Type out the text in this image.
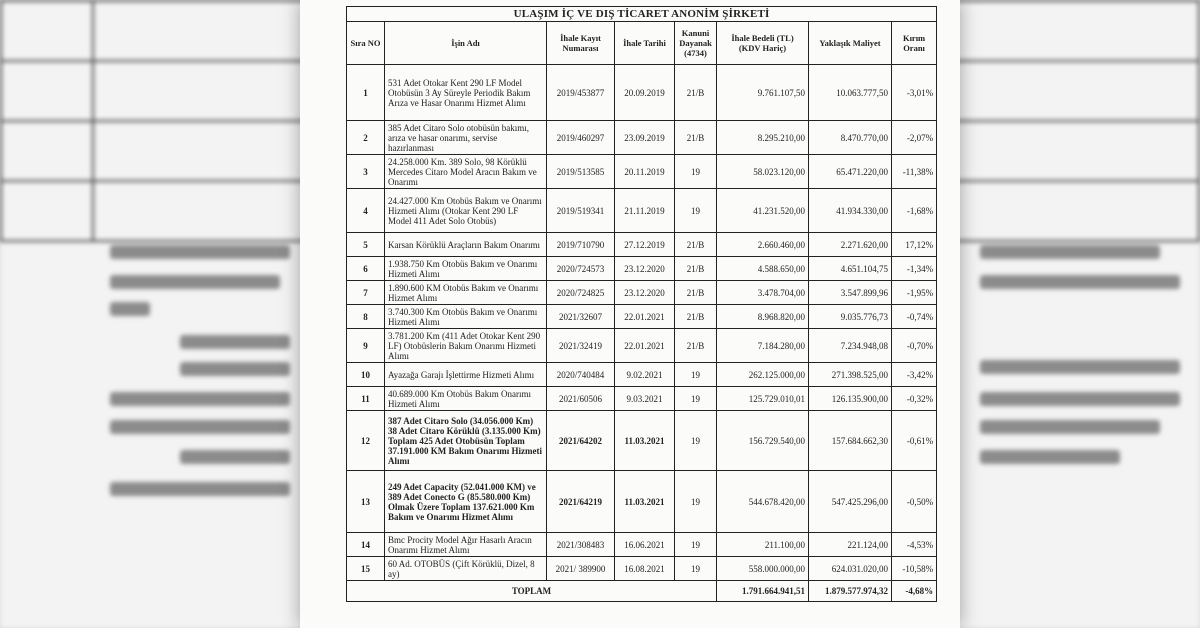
ULAŞIM İÇ VE DIŞ TİCARET ANONİM ŞİRKETİ							
Sıra NO	İşin Adı	İhale Kayıt Numarası	İhale Tarihi	Kanuni Dayanak (4734)	İhale Bedeli (TL) (KDV Hariç)	Yaklaşık Maliyet	Kırım Oranı
1	531 Adet Otokar Kent 290 LF Model Otobüsün 3 Ay Süreyle Periodik Bakım Arıza ve Hasar Onarımı Hizmet Alımı	2019/453877	20.09.2019	21/B	9.761.107,50	10.063.777,50	-3,01%
2	385 Adet Citaro Solo otobüsün bakımı, arıza ve hasar onarımı, servise hazırlanması	2019/460297	23.09.2019	21/B	8.295.210,00	8.470.770,00	-2,07%
3	24.258.000 Km. 389 Solo, 98 Körüklü Mercedes Citaro Model Aracın Bakım ve Onarımı	2019/513585	20.11.2019	19	58.023.120,00	65.471.220,00	-11,38%
4	24.427.000 Km Otobüs Bakım ve Onarımı Hizmeti Alımı (Otokar Kent 290 LF Model 411 Adet Solo Otobüs)	2019/519341	21.11.2019	19	41.231.520,00	41.934.330,00	-1,68%
5	Karsan Körüklü Araçların Bakım Onarımı	2019/710790	27.12.2019	21/B	2.660.460,00	2.271.620,00	17,12%
6	1.938.750 Km Otobüs Bakım ve Onarımı Hizmeti Alımı	2020/724573	23.12.2020	21/B	4.588.650,00	4.651.104,75	-1,34%
7	1.890.600 KM Otobüs Bakım ve Onarımı Hizmet Alımı	2020/724825	23.12.2020	21/B	3.478.704,00	3.547.899,96	-1,95%
8	3.740.300 Km Otobüs Bakım ve Onarımı Hizmeti Alımı	2021/32607	22.01.2021	21/B	8.968.820,00	9.035.776,73	-0,74%
9	3.781.200 Km (411 Adet Otokar Kent 290 LF) Otobüslerin Bakım Onarımı Hizmeti Alımı	2021/32419	22.01.2021	21/B	7.184.280,00	7.234.948,08	-0,70%
10	Ayazağa Garajı İşlettirme Hizmeti Alımı	2020/740484	9.02.2021	19	262.125.000,00	271.398.525,00	-3,42%
11	40.689.000 Km Otobüs Bakım Onarımı Hizmeti Alımı	2021/60506	9.03.2021	19	125.729.010,01	126.135.900,00	-0,32%
12	387 Adet Citaro Solo (34.056.000 Km) 38 Adet Citaro Körüklü (3.135.000 Km) Toplam 425 Adet Otobüsün Toplam 37.191.000 KM Bakım Onarımı Hizmeti Alımı	2021/64202	11.03.2021	19	156.729.540,00	157.684.662,30	-0,61%
13	249 Adet Capacity (52.041.000 KM) ve 389 Adet Conecto G (85.580.000 Km) Olmak Üzere Toplam 137.621.000 Km Bakım ve Onarımı Hizmet Alımı	2021/64219	11.03.2021	19	544.678.420,00	547.425.296,00	-0,50%
14	Bmc Procity Model Ağır Hasarlı Aracın Onarımı Hizmet Alımı	2021/308483	16.06.2021	19	211.100,00	221.124,00	-4,53%
15	60 Ad. OTOBÜS (Çift Körüklü, Dizel, 8 ay)	2021/ 389900	16.08.2021	19	558.000.000,00	624.031.020,00	-10,58%
TOPLAM					1.791.664.941,51	1.879.577.974,32	-4,68%
